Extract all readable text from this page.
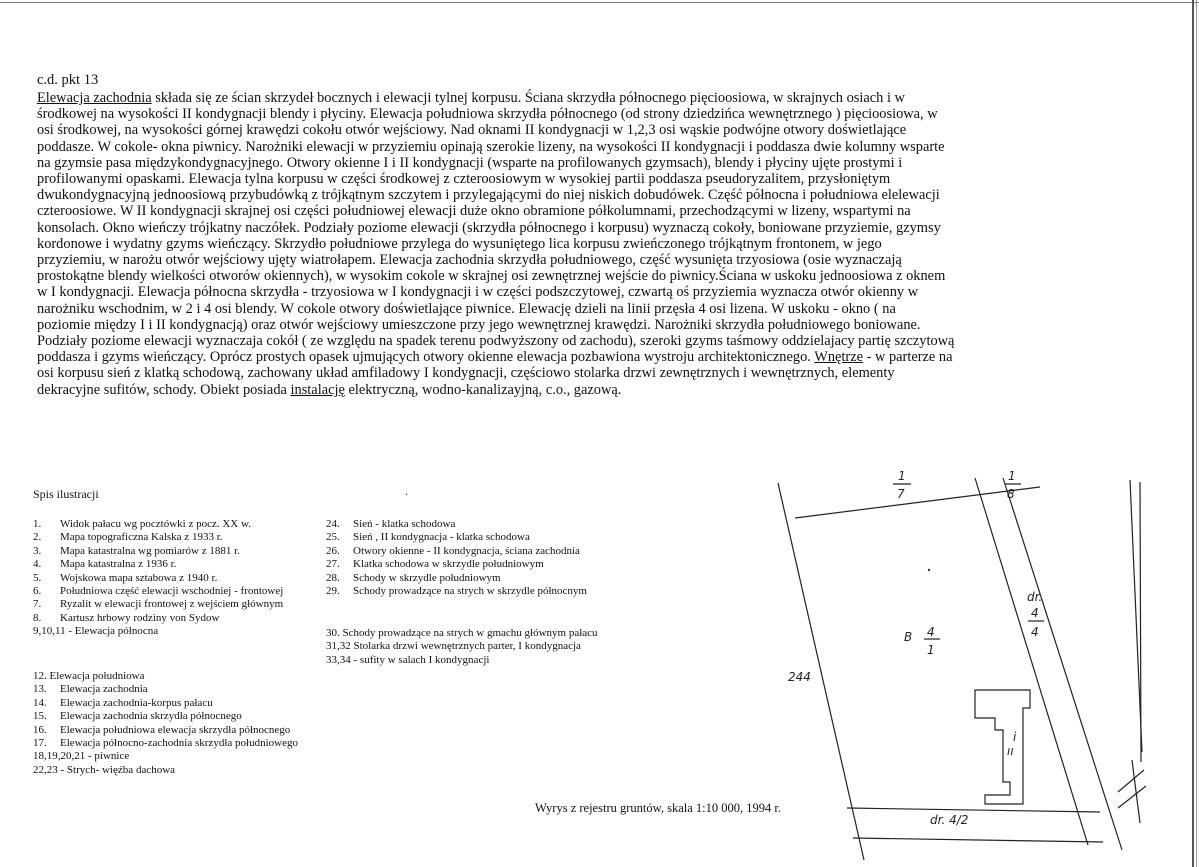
c.d. pkt 13
Elewacja zachodnia składa się ze ścian skrzydeł bocznych i elewacji tylnej korpusu. Ściana skrzydła północnego pięcioosiowa, w skrajnych osiach i w
środkowej na wysokości II kondygnacji blendy i płyciny. Elewacja południowa skrzydła północnego (od strony dziedzińca wewnętrznego ) pięcioosiowa, w
osi środkowej, na wysokości górnej krawędzi cokołu otwór wejściowy. Nad oknami II kondygnacji w 1,2,3 osi wąskie podwójne otwory doświetlające
poddasze. W cokole- okna piwnicy. Narożniki elewacji w przyziemiu opinają szerokie lizeny, na wysokości II kondygnacji i poddasza dwie kolumny wsparte
na gzymsie pasa międzykondygnacyjnego. Otwory okienne I i II kondygnacji (wsparte na profilowanych gzymsach), blendy i płyciny ujęte prostymi i
profilowanymi opaskami. Elewacja tylna korpusu w części środkowej z czteroosiowym w wysokiej partii poddasza pseudoryzalitem, przysłoniętym
dwukondygnacyjną jednoosiową przybudówką z trójkątnym szczytem i przylegającymi do niej niskich dobudówek. Część północna i południowa elelewacji
czteroosiowe. W II kondygnacji skrajnej osi części południowej elewacji duże okno obramione półkolumnami, przechodzącymi w lizeny, wspartymi na
konsolach. Okno wieńczy trójkatny naczółek. Podziały poziome elewacji (skrzydła północnego i korpusu) wyznaczą cokoły, boniowane przyziemie, gzymsy
kordonowe i wydatny gzyms wieńczący. Skrzydło południowe przylega do wysuniętego lica korpusu zwieńczonego trójkątnym frontonem, w jego
przyziemiu, w narożu otwór wejściowy ujęty wiatrołapem. Elewacja zachodnia skrzydła południowego, część wysunięta trzyosiowa (osie wyznaczają
prostokątne blendy wielkości otworów okiennych), w wysokim cokole w skrajnej osi zewnętrznej wejście do piwnicy.Ściana w uskoku jednoosiowa z oknem
w I kondygnacji. Elewacja północna skrzydła - trzyosiowa w I kondygnacji i w części podszczytowej, czwartą oś przyziemia wyznacza otwór okienny w
narożniku wschodnim, w 2 i 4 osi blendy. W cokole otwory doświetlające piwnice. Elewację dzieli na linii przęsła 4 osi lizena. W uskoku - okno ( na
poziomie między I i II kondygnacją) oraz otwór wejściowy umieszczone przy jego wewnętrznej krawędzi. Narożniki skrzydła południowego boniowane.
Podziały poziome elewacji wyznaczaja cokół ( ze względu na spadek terenu podwyższony od zachodu), szeroki gzyms taśmowy oddzielajacy partię szczytową
poddasza i gzyms wieńczący. Oprócz prostych opasek ujmujących otwory okienne elewacja pozbawiona wystroju architektonicznego. Wnętrze - w parterze na
osi korpusu sień z klatką schodową, zachowany układ amfiladowy I kondygnacji, częściowo stolarka drzwi zewnętrznych i wewnętrznych, elementy
dekracyjne sufitów, schody. Obiekt posiada instalację elektryczną, wodno-kanalizayjną, c.o., gazową.
Spis ilustracji	·
1. Widok pałacu wg pocztówki z pocz. XX w.
2. Mapa topograficzna Kalska z 1933 r.
3. Mapa katastralna wg pomiarów z 1881 r.
4. Mapa katastralna z 1936 r.
5. Wojskowa mapa sztabowa z 1940 r.
6. Południowa część elewacji wschodniej - frontowej
7. Ryzalit w elewacji frontowej z wejściem głównym
8. Kartusz hrbowy rodziny von Sydow
9,10,11 - Elewacja północna
12. Elewacja południowa
13. Elewacja zachodnia
14. Elewacja zachodnia-korpus pałacu
15. Elewacja zachodnia skrzydła północnego
16. Elewacja południowa elewacja skrzydła północnego
17. Elewacja północno-zachodnia skrzydła południowego
18,19,20,21 - piwnice
22,23 - Strych- więźba dachowa
24. Sień - klatka schodowa
25. Sień , II kondygnacja - klatka schodowa
26. Otwory okienne - II kondygnacja, ściana zachodnia
27. Klatka schodowa w skrzydle południowym
28. Schody w skrzydle południowym
29. Schody prowadzące na strych w skrzydle północnym
30. Schody prowadzące na strych w gmachu głównym pałacu
31,32 Stolarka drzwi wewnętrznych parter, I kondygnacja
33,34 - sufity w salach I kondygnacji
1
7
1
8
dr.
4
4
B 4
1
244
dr. 4/2
i
ıı
Wyrys z rejestru gruntów, skala 1:10 000, 1994 r.
